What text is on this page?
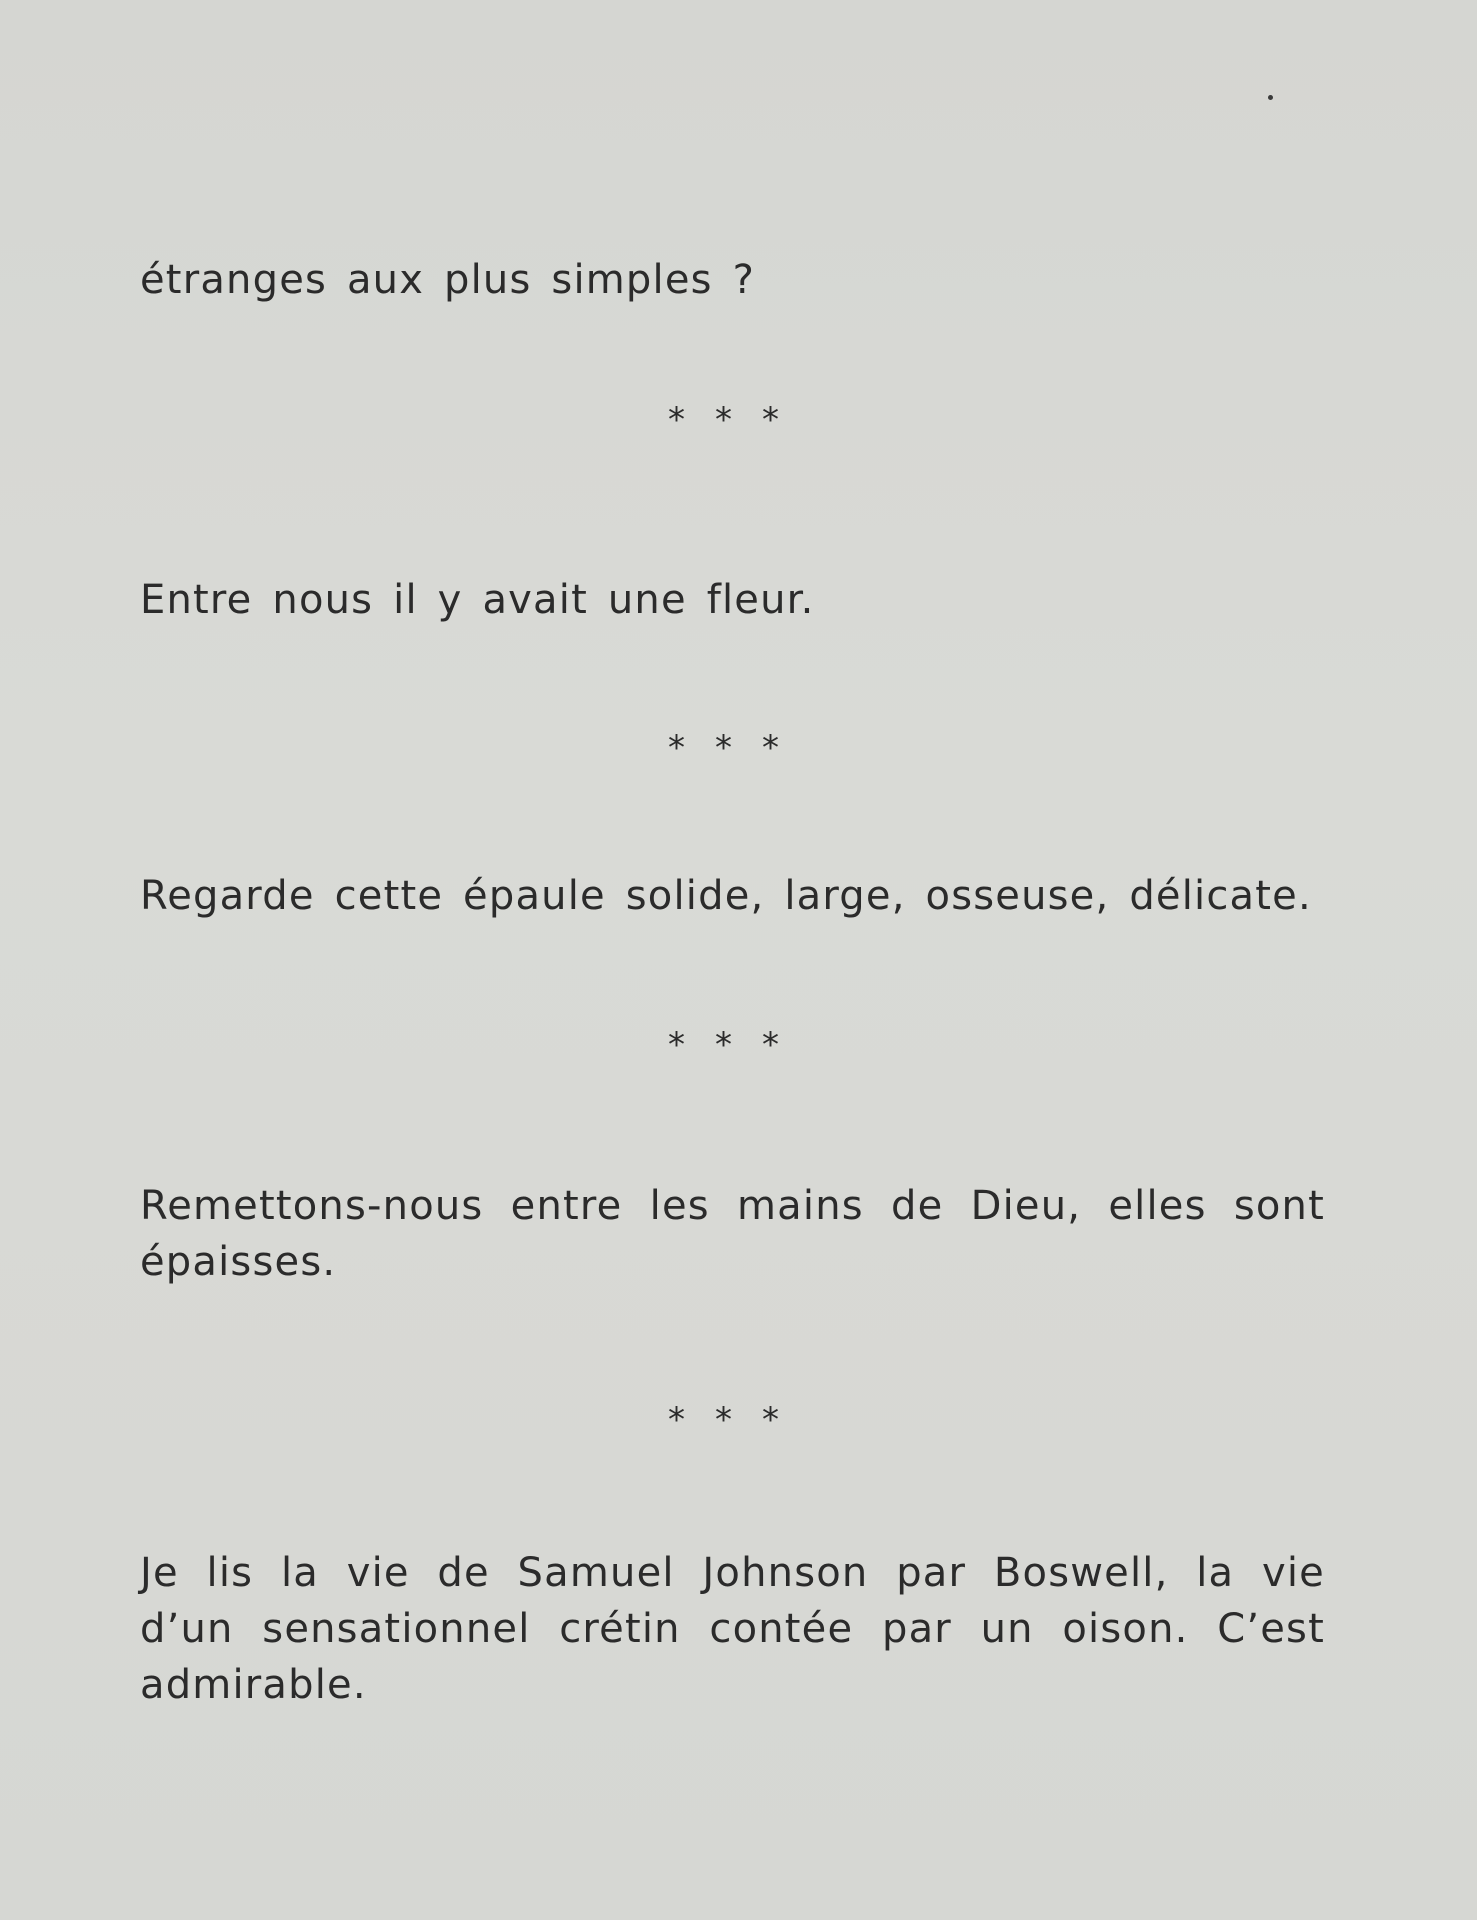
étranges aux plus simples ?
***
Entre nous il y avait une fleur.
***
Regarde cette épaule solide, large, osseuse, délicate.
***
Remettons-nous entre les mains de Dieu, elles sont épaisses.
***
Je lis la vie de Samuel Johnson par Boswell, la vie d’un sensationnel crétin contée par un oison. C’est admirable.
